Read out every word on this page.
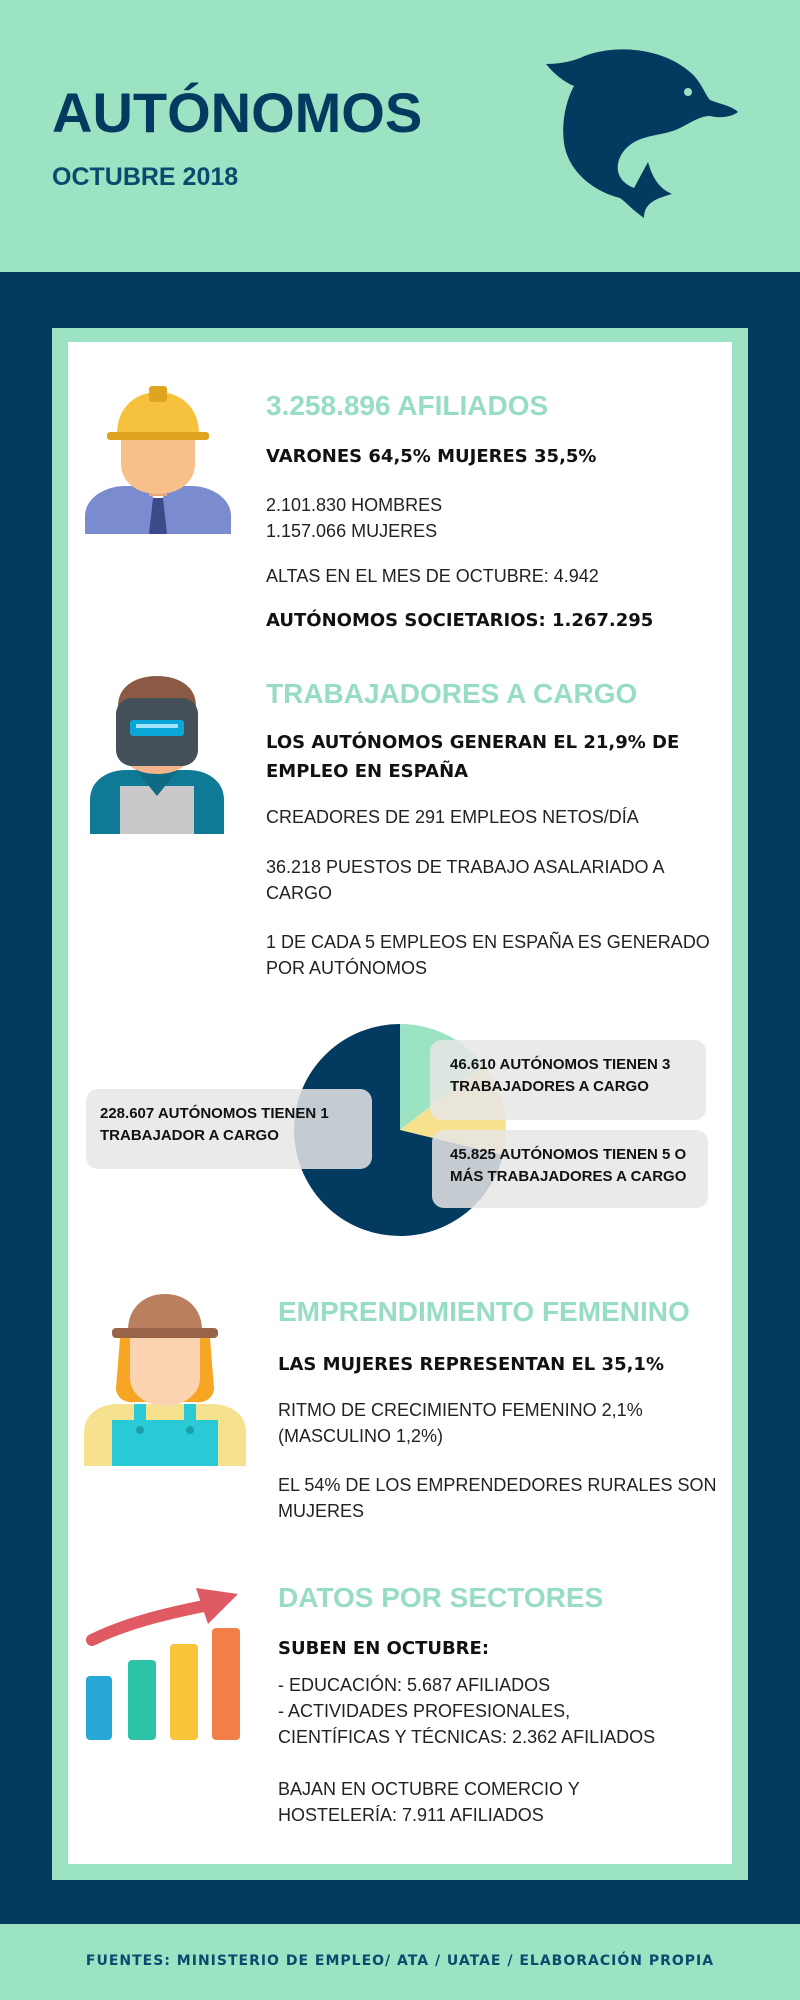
AUTÓNOMOS
OCTUBRE 2018
3.258.896 AFILIADOS
VARONES 64,5% MUJERES 35,5%
2.101.830 HOMBRES
1.157.066 MUJERES
ALTAS EN EL MES DE OCTUBRE: 4.942
AUTÓNOMOS SOCIETARIOS: 1.267.295
TRABAJADORES A CARGO
LOS AUTÓNOMOS GENERAN EL 21,9% DE
EMPLEO EN ESPAÑA
CREADORES DE 291 EMPLEOS NETOS/DÍA
36.218 PUESTOS DE TRABAJO ASALARIADO A
CARGO
1 DE CADA 5 EMPLEOS EN ESPAÑA ES GENERADO
POR AUTÓNOMOS
228.607 AUTÓNOMOS TIENEN 1
TRABAJADOR A CARGO
46.610 AUTÓNOMOS TIENEN 3
TRABAJADORES A CARGO
45.825 AUTÓNOMOS TIENEN 5 O
MÁS TRABAJADORES A CARGO
EMPRENDIMIENTO FEMENINO
LAS MUJERES REPRESENTAN EL 35,1%
RITMO DE CRECIMIENTO FEMENINO 2,1%
(MASCULINO 1,2%)
EL 54% DE LOS EMPRENDEDORES RURALES SON
MUJERES
DATOS POR SECTORES
SUBEN EN OCTUBRE:
- EDUCACIÓN: 5.687 AFILIADOS
- ACTIVIDADES PROFESIONALES,
CIENTÍFICAS Y TÉCNICAS: 2.362 AFILIADOS
BAJAN EN OCTUBRE COMERCIO Y
HOSTELERÍA: 7.911 AFILIADOS
FUENTES: MINISTERIO DE EMPLEO/ ATA / UATAE / ELABORACIÓN PROPIA
